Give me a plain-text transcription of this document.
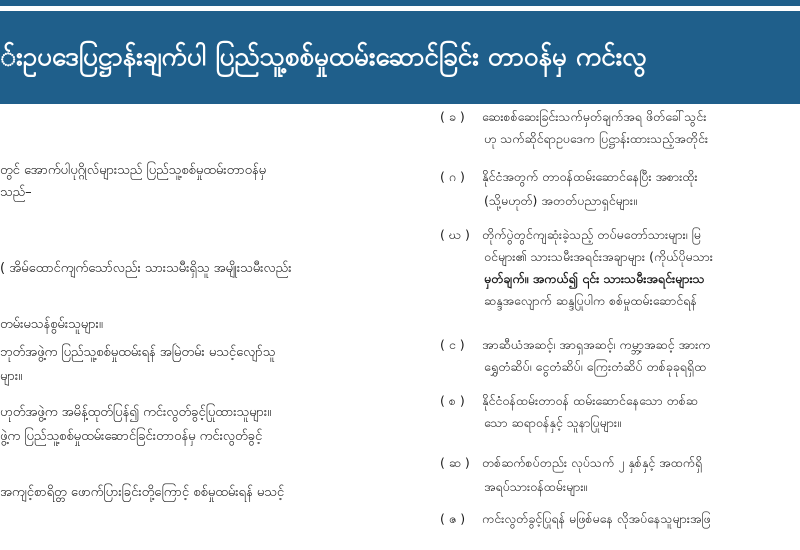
်းဥပဒေပြဋ္ဌာန်းချက်ပါ ပြည်သူ့စစ်မှုထမ်းဆောင်ခြင်း တာဝန်မှ ကင်းလွ
တွင် အောက်ပါပုဂ္ဂိုလ်များသည် ပြည်သူ့စစ်မှုထမ်းတာဝန်မှ
သည်–
( အိမ်ထောင်ကျက်သော်လည်း သားသမီးရှိသူ အမျိုးသမီးလည်း
တမ်းမသန်စွမ်းသူများ။
ဘုတ်အဖွဲ့က ပြည်သူ့စစ်မှုထမ်းရန် အမြဲတမ်း မသင့်လျော်သူ
များ။
ဟုတ်အဖွဲ့က အမိန့်ထုတ်ပြန်၍ ကင်းလွတ်ခွင့်ပြုထားသူများ။
ဖွဲ့က ပြည်သူ့စစ်မှုထမ်းဆောင်ခြင်းတာဝန်မှ ကင်းလွတ်ခွင့်
အကျင့်စာရိတ္တ ဖောက်ပြားခြင်းတို့ကြောင့် စစ်မှုထမ်းရန် မသင့်
( ခ ) ဆေးစစ်ဆေးခြင်းသက်မှတ်ချက်အရ ဖိတ်ခေါ်သွင်း
ဟု သက်ဆိုင်ရာဥပဒေက ပြဋ္ဌာန်းထားသည့်အတိုင်း
( ဂ ) နိုင်ငံအတွက် တာဝန်ထမ်းဆောင်နေပြီး အစားထိုး
(သို့မဟုတ်) အတတ်ပညာရှင်များ။
( ဃ ) တိုက်ပွဲတွင်ကျဆုံးခဲ့သည့် တပ်မတော်သားများ၊ မြ
ဝင်များ၏ သားသမီးအရင်းအချာများ (ကိုယ်ပိုမသား
မှတ်ချက်။ အကယ်၍ ၎င်း သားသမီးအရင်းများသ
ဆန္ဒအလျောက် ဆန္ဒပြုပါက စစ်မှုထမ်းဆောင်ရန်
( င ) အာဆီယံအဆင့်၊ အာရှအဆင့်၊ ကမ္ဘာ့အဆင့် အားက
ရွှေတံဆိပ်၊ ငွေတံဆိပ်၊ ကြေးတံဆိပ် တစ်ခုခုရရှိထ
( စ ) နိုင်ငံဝန်ထမ်းတာဝန် ထမ်းဆောင်နေသော တစ်ဆ
သော ဆရာဝန်နှင့် သူနာပြုများ။
( ဆ ) တစ်ဆက်စပ်တည်း လုပ်သက် ၂ နှစ်နှင့် အထက်ရှိ
အရပ်သားဝန်ထမ်းများ။
( ဇ ) ကင်းလွတ်ခွင့်ပြုရန် မဖြစ်မနေ လိုအပ်နေသူများအဖြ
